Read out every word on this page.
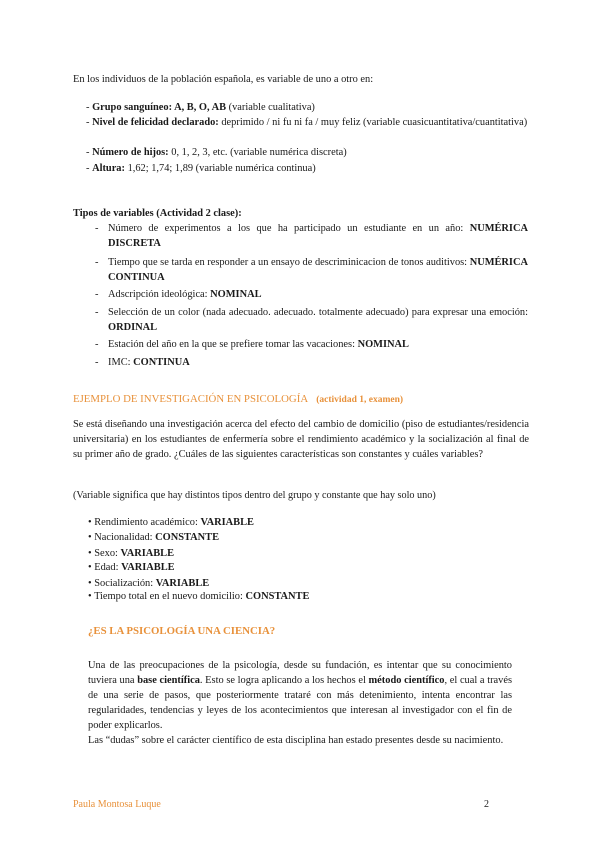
En los individuos de la población española, es variable de uno a otro en:

- Grupo sanguíneo: A, B, O, AB (variable cualitativa)

- Nivel de felicidad declarado: deprimido / ni fu ni fa / muy feliz (variable cuasicuantitativa/cuantitativa)

- Número de hijos: 0, 1, 2, 3, etc. (variable numérica discreta)

- Altura: 1,62; 1,74; 1,89 (variable numérica continua)

Tipos de variables (Actividad 2 clase):

- Número de experimentos a los que ha participado un estudiante en un año: NUMÉRICA DISCRETA

- Tiempo que se tarda en responder a un ensayo de descriminicacion de tonos auditivos: NUMÉRICA CONTINUA

- Adscripción ideológica: NOMINAL

- Selección de un color (nada adecuado. adecuado. totalmente adecuado) para expresar una emoción: ORDINAL

- Estación del año en la que se prefiere tomar las vacaciones: NOMINAL

- IMC: CONTINUA

EJEMPLO DE INVESTIGACIÓN EN PSICOLOGÍA (actividad 1, examen)

Se está diseñando una investigación acerca del efecto del cambio de domicilio (piso de estudiantes/residencia universitaria) en los estudiantes de enfermería sobre el rendimiento académico y la socialización al final de su primer año de grado. ¿Cuáles de las siguientes características son constantes y cuáles variables?

(Variable significa que hay distintos tipos dentro del grupo y constante que hay solo uno)

• Rendimiento académico: VARIABLE

• Nacionalidad: CONSTANTE

• Sexo: VARIABLE

• Edad: VARIABLE

• Socialización: VARIABLE

• Tiempo total en el nuevo domicilio: CONSTANTE

¿ES LA PSICOLOGÍA UNA CIENCIA?

Una de las preocupaciones de la psicología, desde su fundación, es intentar que su conocimiento tuviera una base científica. Esto se logra aplicando a los hechos el método científico, el cual a través de una serie de pasos, que posteriormente trataré con más detenimiento, intenta encontrar las regularidades, tendencias y leyes de los acontecimientos que interesan al investigador con el fin de poder explicarlos.

Las “dudas” sobre el carácter científico de esta disciplina han estado presentes desde su nacimiento.

Paula Montosa Luque	2
